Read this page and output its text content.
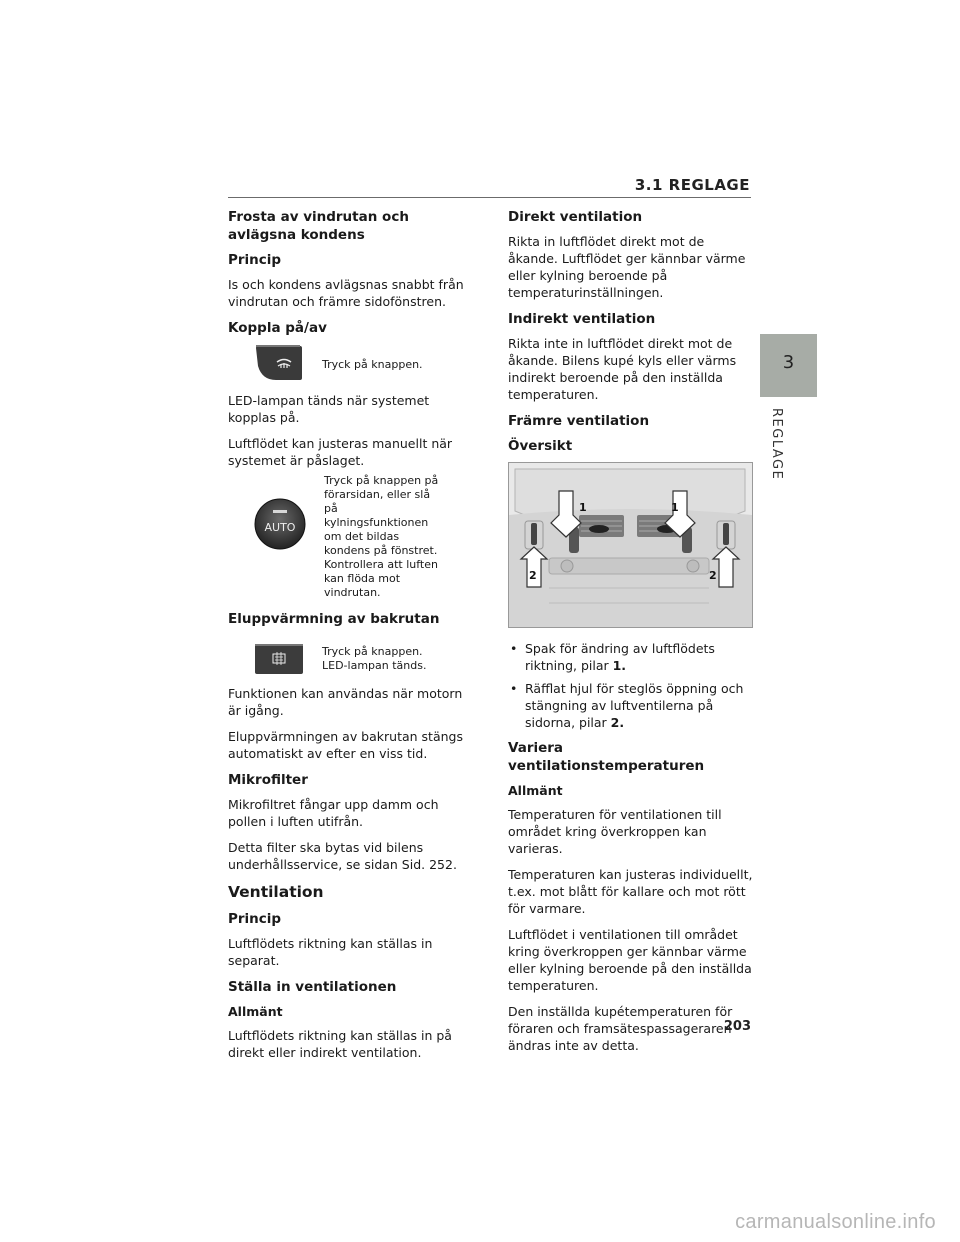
3.1 REGLAGE
3
REGLAGE
Frosta av vindrutan och avlägsna kondens
Princip

Is och kondens avlägsnas snabbt från vindrutan och främre sidofönstren.

Koppla på/av
Tryck på knappen.

LED-lampan tänds när systemet kopplas på.

Luftflödet kan justeras manuellt när systemet är påslaget.

AUTO
Tryck på knappen på förarsidan, eller slå på kylningsfunktionen om det bildas kondens på fönstret. Kontrollera att luften kan flöda mot vindrutan.
Eluppvärmning av bakrutan
Tryck på knappen. LED-lampan tänds.

Funktionen kan användas när motorn är igång.

Eluppvärmningen av bakrutan stängs automatiskt av efter en viss tid.

Mikrofilter

Mikrofiltret fångar upp damm och pollen i luften utifrån.

Detta filter ska bytas vid bilens underhållsservice, se sidan Sid. 252.

Ventilation
Princip

Luftflödets riktning kan ställas in separat.

Ställa in ventilationen
Allmänt

Luftflödets riktning kan ställas in på direkt eller indirekt ventilation.

Direkt ventilation

Rikta in luftflödet direkt mot de åkande. Luftflödet ger kännbar värme eller kylning beroende på temperaturinställningen.

Indirekt ventilation

Rikta inte in luftflödet direkt mot de åkande. Bilens kupé kyls eller värms indirekt beroende på den inställda temperaturen.

Främre ventilation
Översikt
1	1
2	2
• Spak för ändring av luftflödets riktning, pilar 1.
• Räfflat hjul för steglös öppning och stängning av luftventilerna på sidorna, pilar 2.
Variera ventilationstemperaturen
Allmänt

Temperaturen för ventilationen till området kring överkroppen kan varieras.

Temperaturen kan justeras individuellt, t.ex. mot blått för kallare och mot rött för varmare.

Luftflödet i ventilationen till området kring överkroppen ger kännbar värme eller kylning beroende på den inställda temperaturen.

Den inställda kupétemperaturen för föraren och framsätespassageraren ändras inte av detta.

203
carmanualsonline.info
